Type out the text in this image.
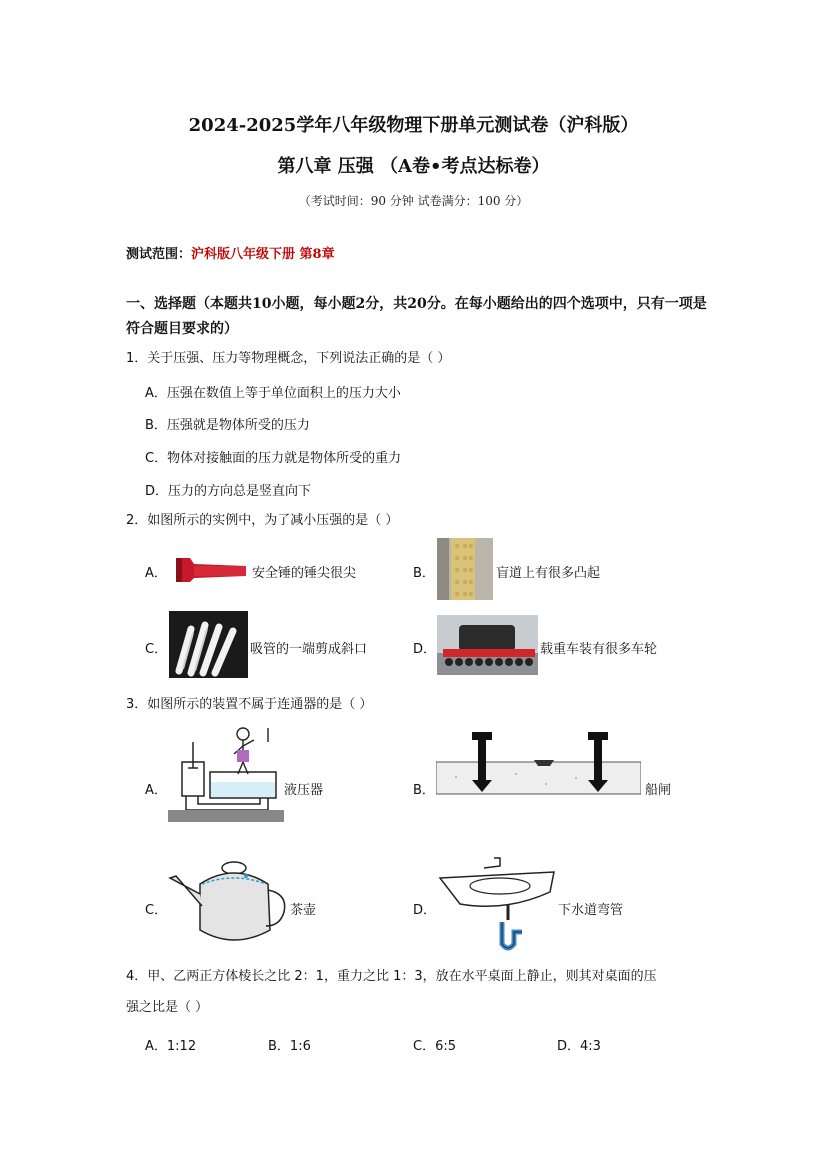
2024-2025学年八年级物理下册单元测试卷（沪科版）
第八章 压强 （A卷•考点达标卷）
（考试时间：90 分钟 试卷满分：100 分）
测试范围：沪科版八年级下册 第8章
一、选择题（本题共10小题，每小题2分，共20分。在每小题给出的四个选项中，只有一项是符合题目要求的）
1．关于压强、压力等物理概念，下列说法正确的是（ ）
A．压强在数值上等于单位面积上的压力大小
B．压强就是物体所受的压力
C．物体对接触面的压力就是物体所受的重力
D．压力的方向总是竖直向下
2．如图所示的实例中，为了减小压强的是（ ）
A．	安全锤的锤尖很尖	B．	盲道上有很多凸起
C．	吸管的一端剪成斜口	D．	载重车装有很多车轮
3．如图所示的装置不属于连通器的是（ ）
A．	液压器	B．	船闸
C．	茶壶	D．	下水道弯管
4．甲、乙两正方体棱长之比 2：1，重力之比 1：3，放在水平桌面上静止，则其对桌面的压
强之比是（ ）
A．1:12	B．1:6	C．6:5	D．4:3
